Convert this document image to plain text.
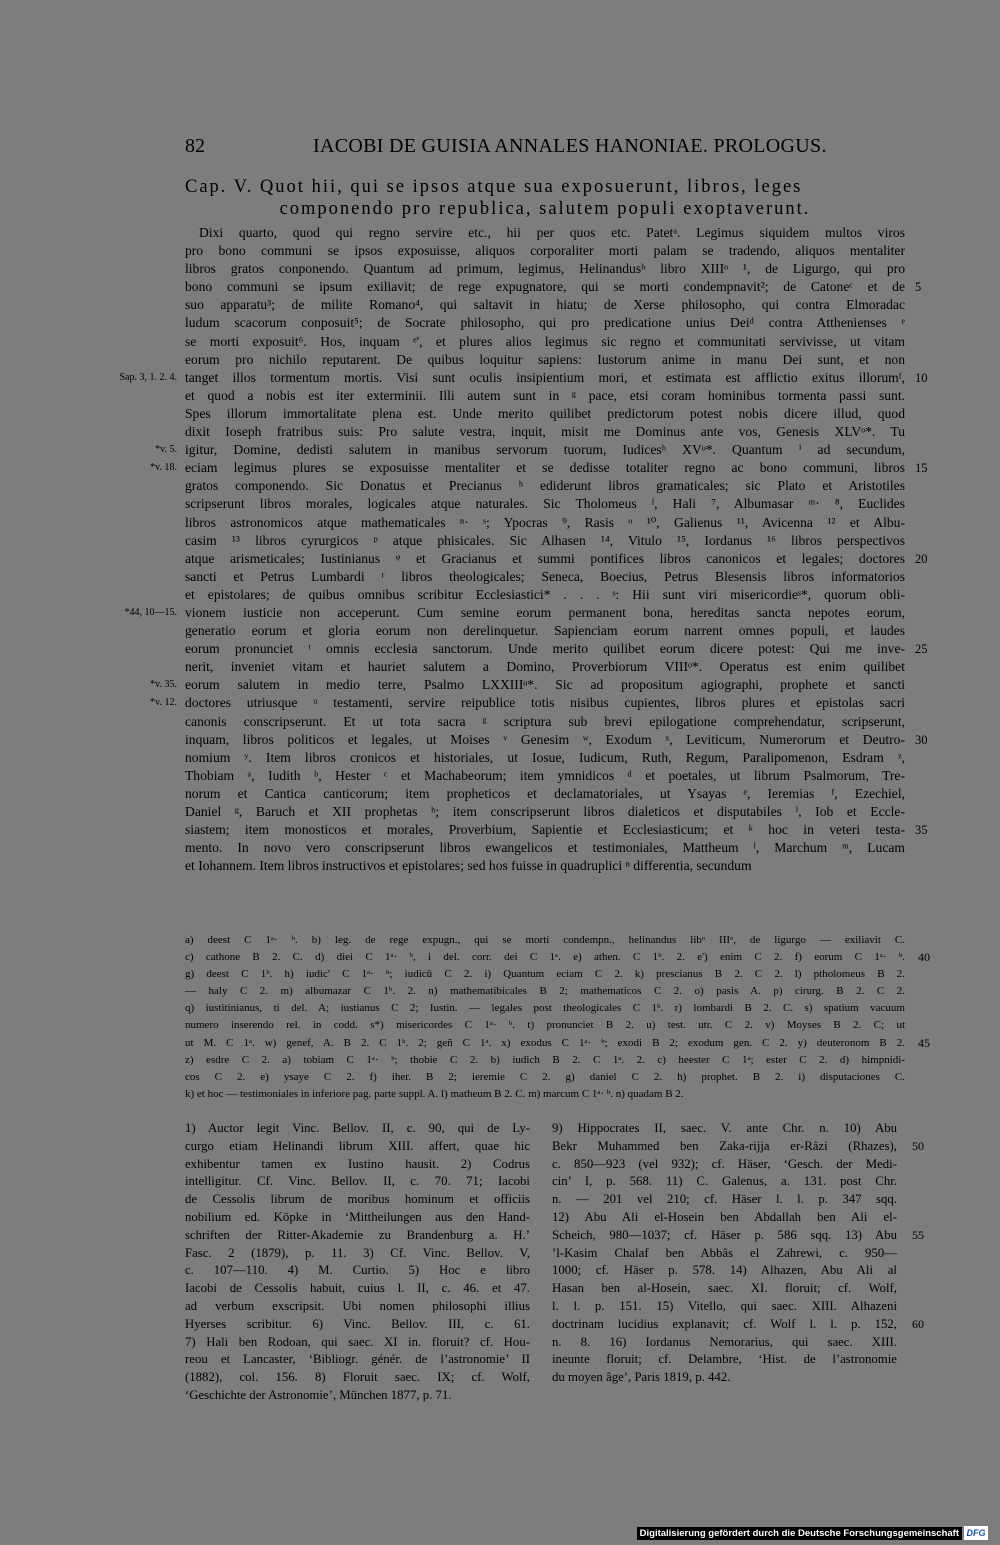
82	IACOBI DE GUISIA ANNALES HANONIAE. PROLOGUS.
Cap. V. Quot hii, qui se ipsos atque sua exposuerunt, libros, leges
componendo pro republica, salutem populi exoptaverunt.
Dixi quarto, quod qui regno servire etc., hii per quos etc. Patetᵃ. Legimus siquidem multos viros
pro bono communi se ipsos exposuisse, aliquos corporaliter morti palam se tradendo, aliquos mentaliter
libros gratos conponendo. Quantum ad primum, legimus, Helinandusᵇ libro XIIIᵒ ¹, de Ligurgo, qui pro
bono communi se ipsum exiliavit; de rege expugnatore, qui se morti condempnavit²; de Catoneᶜ et de 5
suo apparatu³; de milite Romano⁴, qui saltavit in hiatu; de Xerse philosopho, qui contra Elmoradac
ludum scacorum conposuit⁵; de Socrate philosopho, qui pro predicatione unius Deiᵈ contra Atthenienses ᵉ
se morti exposuit⁶. Hos, inquam ᵉ', et plures alios legimus sic regno et communitati servivisse, ut vitam
eorum pro nichilo reputarent. De quibus loquitur sapiens: Iustorum anime in manu Dei sunt, et non
tanget illos tormentum mortis. Visi sunt oculis insipientium mori, et estimata est afflictio exitus illorumᶠ, 10
Sap. 3, 1. 2. 4.
et quod a nobis est iter exterminii. Illi autem sunt in ᵍ pace, etsi coram hominibus tormenta passi sunt.
Spes illorum immortalitate plena est. Unde merito quilibet predictorum potest nobis dicere illud, quod
dixit Ioseph fratribus suis: Pro salute vestra, inquit, misit me Dominus ante vos, Genesis XLVᵒ*. Tu
igitur, Domine, dedisti salutem in manibus servorum tuorum, Iudicesʰ XVᵒ*. Quantum ⁱ ad secundum,
*v. 5.
eciam legimus plures se exposuisse mentaliter et se dedisse totaliter regno ac bono communi, libros 15
*v. 18.
gratos componendo. Sic Donatus et Precianus ʰ ediderunt libros gramaticales; sic Plato et Aristotiles
scripserunt libros morales, logicales atque naturales. Sic Tholomeus ˡ, Hali ⁷, Albumasar ᵐ· ⁸, Euclides
libros astronomicos atque mathematicales ⁿ· ˢ; Ypocras ⁹, Rasis ᵒ ¹⁰, Galienus ¹¹, Avicenna ¹² et Albu-
casim ¹³ libros cyrurgicos ᵖ atque phisicales. Sic Alhasen ¹⁴, Vitulo ¹⁵, Iordanus ¹⁶ libros perspectivos
atque arismeticales; Iustinianus ᵠ et Gracianus et summi pontifices libros canonicos et legales; doctores 20
sancti et Petrus Lumbardi ʳ libros theologicales; Seneca, Boecius, Petrus Blesensis libros informatorios
et epistolares; de quibus omnibus scribitur Ecclesiastici* . . . ˢ: Hii sunt viri misericordieˢ*, quorum obli-
vionem iusticie non acceperunt. Cum semine eorum permanent bona, hereditas sancta nepotes eorum,
*44, 10—15.
generatio eorum et gloria eorum non derelinquetur. Sapienciam eorum narrent omnes populi, et laudes
eorum pronunciet ᵗ omnis ecclesia sanctorum. Unde merito quilibet eorum dicere potest: Qui me inve- 25
nerit, inveniet vitam et hauriet salutem a Domino, Proverbiorum VIIIᵒ*. Operatus est enim quilibet
eorum salutem in medio terre, Psalmo LXXIIIᵒ*. Sic ad propositum agiographi, prophete et sancti
*v. 35.
doctores utriusque ᵘ testamenti, servire reipublice totis nisibus cupientes, libros plures et epistolas sacri
*v. 12.
canonis conscripserunt. Et ut tota sacra ᵍ scriptura sub brevi epilogatione comprehendatur, scripserunt,
inquam, libros politicos et legales, ut Moises ᵛ Genesim ʷ, Exodum ˣ, Leviticum, Numerorum et Deutro- 30
nomium ʸ. Item libros cronicos et historiales, ut Iosue, Iudicum, Ruth, Regum, Paralipomenon, Esdram ᶻ,
Thobiam ᵃ, Iudith ᵇ, Hester ᶜ et Machabeorum; item ymnidicos ᵈ et poetales, ut librum Psalmorum, Tre-
norum et Cantica canticorum; item propheticos et declamatoriales, ut Ysayas ᵉ, Ieremias ᶠ, Ezechiel,
Daniel ᵍ, Baruch et XII prophetas ʰ; item conscripserunt libros dialeticos et disputabiles ⁱ, Iob et Eccle-
siastem; item monosticos et morales, Proverbium, Sapientie et Ecclesiasticum; et ᵏ hoc in veteri testa- 35
mento. In novo vero conscripserunt libros ewangelicos et testimoniales, Mattheum ˡ, Marchum ᵐ, Lucam
et Iohannem. Item libros instructivos et epistolares; sed hos fuisse in quadruplici ⁿ differentia, secundum
a) deest C 1ᵃ· ᵇ. b) leg. de rege expugn., qui se morti condempn., helinandus libᵒ IIIᵒ, de ligurgo — exiliavit C.
c) cathone B 2. C. d) diei C 1ᵃ· ᵇ, i del. corr. dei C 1ᵃ. e) athen. C 1ᵇ. 2. e') enim C 2. f) eorum C 1ᵃ· ᵇ. 40
g) deest C 1ᵇ. h) iudic' C 1ᵃ· ᵇ; iudicū C 2. i) Quantum eciam C 2. k) prescianus B 2. C 2. l) ptholomeus B 2.
— haly C 2. m) albumazar C 1ᵇ. 2. n) mathematibicales B 2; mathematicos C 2. o) pasis A. p) cirurg. B 2. C 2.
q) iustitinianus, ti del. A; iustianus C 2; Iustin. — legales post theologicales C 1ᵇ. r) lombardi B 2. C. s) spatium vacuum
numero inserendo rel. in codd. s*) misericordes C 1ᵃ· ᵇ. t) pronunciet B 2. u) test. utr. C 2. v) Moyses B 2. C; ut
ut M. C 1ᵃ. w) genef, A. B 2. C 1ᵇ. 2; geñ C 1ᵃ. x) exodus C 1ᵃ· ᵇ; exodi B 2; exodum gen. C 2. y) deuteronom B 2. 45
z) esdre C 2. a) tobiam C 1ᵃ· ᵇ; thobie C 2. b) iudich B 2. C 1ᵃ. 2. c) heester C 1ᵃ; ester C 2. d) himpnidi-
cos C 2. e) ysaye C 2. f) iher. B 2; ieremie C 2. g) daniel C 2. h) prophet. B 2. i) disputaciones C.
k) et hoc — testimoniales in inferiore pag. parte suppl. A. l) matheum B 2. C. m) marcum C 1ᵃ· ᵇ. n) quadam B 2.
1) Auctor legit Vinc. Bellov. II, c. 90, qui de Ly-
curgo etiam Helinandi librum XIII. affert, quae hic
exhibentur tamen ex Iustino hausit. 2) Codrus
intelligitur. Cf. Vinc. Bellov. II, c. 70. 71; Iacobi
de Cessolis librum de moribus hominum et officiis
nobilium ed. Köpke in ‘Mittheilungen aus den Hand-
schriften der Ritter-Akademie zu Brandenburg a. H.’
Fasc. 2 (1879), p. 11. 3) Cf. Vinc. Bellov. V,
c. 107—110. 4) M. Curtio. 5) Hoc e libro
Iacobi de Cessolis habuit, cuius l. II, c. 46. et 47.
ad verbum exscripsit. Ubi nomen philosophi illius
Hyerses scribitur. 6) Vinc. Bellov. III, c. 61.
7) Hali ben Rodoan, qui saec. XI in. floruit? cf. Hou-
reou et Lancaster, ‘Bibliogr. génér. de l’astronomie’ II
(1882), col. 156. 8) Floruit saec. IX; cf. Wolf,
‘Geschichte der Astronomie’, München 1877, p. 71.
9) Hippocrates II, saec. V. ante Chr. n. 10) Abu
Bekr Muhammed ben Zaka-rijja er-Râzi (Rhazes), 50
c. 850—923 (vel 932); cf. Häser, ‘Gesch. der Medi-
cin’ I, p. 568. 11) C. Galenus, a. 131. post Chr.
n. — 201 vel 210; cf. Häser l. l. p. 347 sqq.
12) Abu Ali el-Hosein ben Abdallah ben Ali el-
Scheich, 980—1037; cf. Häser p. 586 sqq. 13) Abu 55
’l-Kasim Chalaf ben Abbâs el Zahrewi, c. 950—
1000; cf. Häser p. 578. 14) Alhazen, Abu Ali al
Hasan ben al-Hosein, saec. XI. floruit; cf. Wolf,
l. l. p. 151. 15) Vitello, qui saec. XIII. Alhazeni
doctrinam lucidius explanavit; cf. Wolf l. l. p. 152, 60
n. 8. 16) Iordanus Nemorarius, qui saec. XIII.
ineunte floruit; cf. Delambre, ‘Hist. de l’astronomie
du moyen âge’, Paris 1819, p. 442.
Digitalisierung gefördert durch die Deutsche Forschungsgemeinschaft DFG
